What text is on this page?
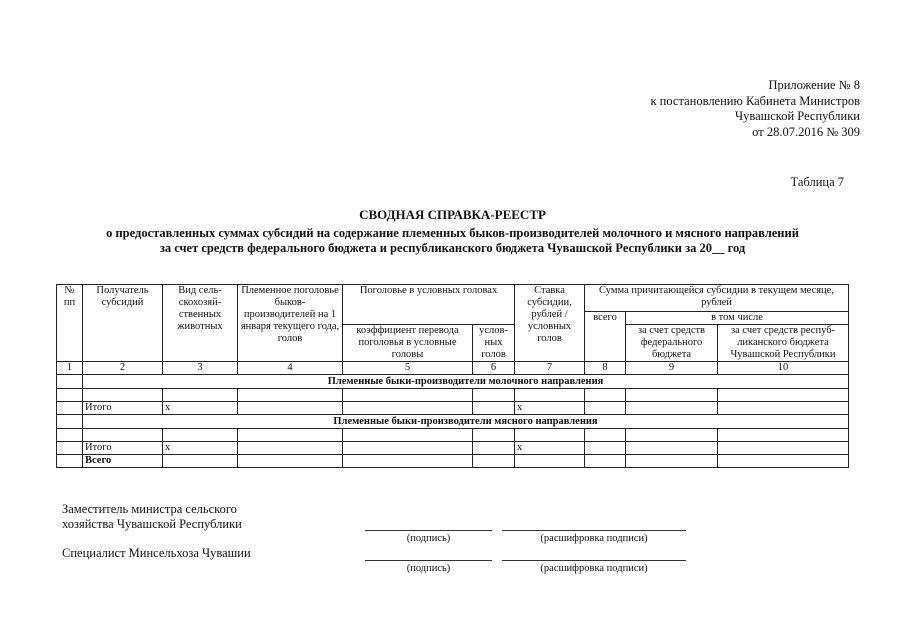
Приложение № 8
к постановлению Кабинета Министров
Чувашской Республики
от 28.07.2016 № 309
Таблица 7
СВОДНАЯ СПРАВКА-РЕЕСТР
о предоставленных суммах субсидий на содержание племенных быков-производителей молочного и мясного направлений
за счет средств федерального бюджета и республиканского бюджета Чувашской Республики за 20__ год
№ пп	Получатель субсидий	Вид сель-скохозяй-ственных животных	Племенное поголовье быков-производителей на 1 января текущего года, голов	Поголовье в условных головах		Ставка субсидии, рублей / условных голов	Сумма причитающейся субсидии в текущем месяце, рублей		
							всего	в том числе	
				коэффициент перевода поголовья в условные головы	услов-ных голов			за счет средств федерального бюджета	за счет средств респуб-ликанского бюджета Чувашской Республики
1	2	3	4	5	6	7	8	9	10
	Племенные быки-производители молочного направления								

	Итого	x				x			
	Племенные быки-производители мясного направления								

	Итого	x				x			
	Всего								
Заместитель министра сельского
хозяйства Чувашской Республики
(подпись)	(расшифровка подписи)
Специалист Минсельхоза Чувашии
(подпись)	(расшифровка подписи)
